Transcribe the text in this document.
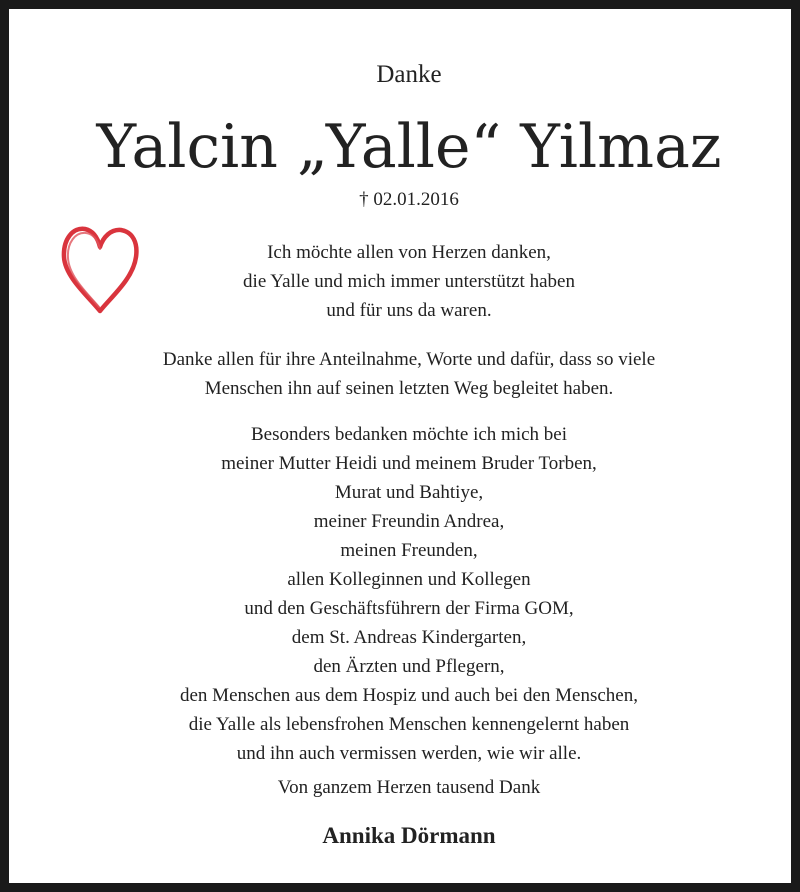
Danke
Yalcin „Yalle“ Yilmaz
† 02.01.2016
Ich möchte allen von Herzen danken,
die Yalle und mich immer unterstützt haben
und für uns da waren.
Danke allen für ihre Anteilnahme, Worte und dafür, dass so viele
Menschen ihn auf seinen letzten Weg begleitet haben.
Besonders bedanken möchte ich mich bei
meiner Mutter Heidi und meinem Bruder Torben,
Murat und Bahtiye,
meiner Freundin Andrea,
meinen Freunden,
allen Kolleginnen und Kollegen
und den Geschäftsführern der Firma GOM,
dem St. Andreas Kindergarten,
den Ärzten und Pflegern,
den Menschen aus dem Hospiz und auch bei den Menschen,
die Yalle als lebensfrohen Menschen kennengelernt haben
und ihn auch vermissen werden, wie wir alle.
Von ganzem Herzen tausend Dank
Annika Dörmann
